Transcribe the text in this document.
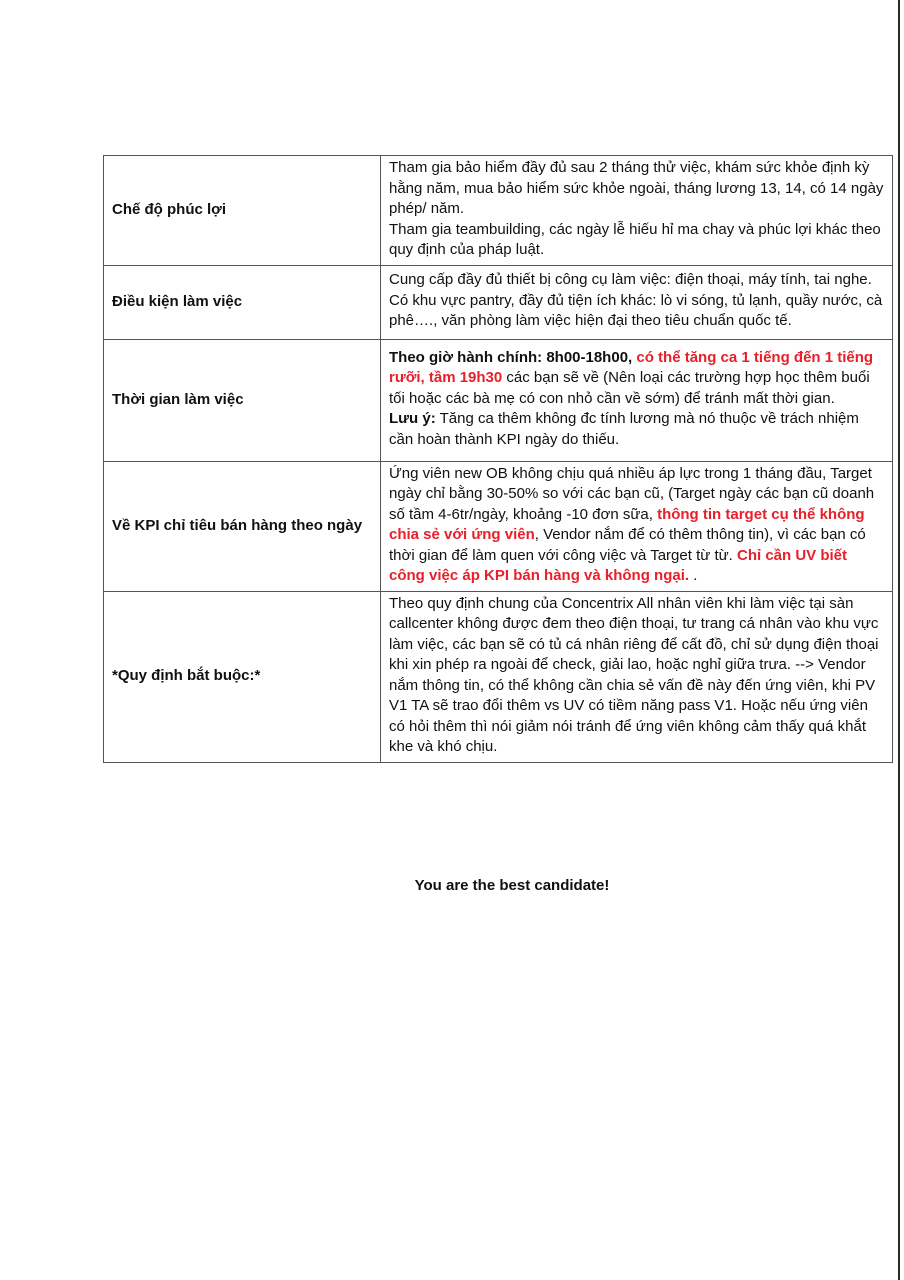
Chế độ phúc lợi	Tham gia bảo hiểm đầy đủ sau 2 tháng thử việc, khám sức khỏe định kỳ hằng năm, mua bảo hiểm sức khỏe ngoài, tháng lương 13, 14, có 14 ngày phép/ năm.
Tham gia teambuilding, các ngày lễ hiếu hỉ ma chay và phúc lợi khác theo quy định của pháp luật.

Điều kiện làm việc	Cung cấp đầy đủ thiết bị công cụ làm việc: điện thoại, máy tính, tai nghe. Có khu vực pantry, đầy đủ tiện ích khác: lò vi sóng, tủ lạnh, quầy nước, cà phê…., văn phòng làm việc hiện đại theo tiêu chuẩn quốc tế.

Thời gian làm việc	Theo giờ hành chính: 8h00-18h00, có thể tăng ca 1 tiếng đến 1 tiếng rưỡi, tầm 19h30 các bạn sẽ về (Nên loại các trường hợp học thêm buổi tối hoặc các bà mẹ có con nhỏ cần về sớm) để tránh mất thời gian.
Lưu ý: Tăng ca thêm không đc tính lương mà nó thuộc về trách nhiệm cần hoàn thành KPI ngày do thiếu.

Về KPI chỉ tiêu bán hàng theo ngày	Ứng viên new OB không chịu quá nhiều áp lực trong 1 tháng đầu, Target ngày chỉ bằng 30-50% so với các bạn cũ, (Target ngày các bạn cũ doanh số tầm 4-6tr/ngày, khoảng -10 đơn sữa, thông tin target cụ thể không chia sẻ với ứng viên, Vendor nắm để có thêm thông tin), vì các bạn có thời gian để làm quen với công việc và Target từ từ. Chỉ cần UV biết công việc áp KPI bán hàng và không ngại. .
*Quy định bắt buộc:*	Theo quy định chung của Concentrix All nhân viên khi làm việc tại sàn callcenter không được đem theo điện thoại, tư trang cá nhân vào khu vực làm việc, các bạn sẽ có tủ cá nhân riêng để cất đồ, chỉ sử dụng điện thoại khi xin phép ra ngoài để check, giải lao, hoặc nghỉ giữa trưa. --> Vendor nắm thông tin, có thể không cần chia sẻ vấn đề này đến ứng viên, khi PV V1 TA sẽ trao đổi thêm vs UV có tiềm năng pass V1. Hoặc nếu ứng viên có hỏi thêm thì nói giảm nói tránh để ứng viên không cảm thấy quá khắt khe và khó chịu.
You are the best candidate!
